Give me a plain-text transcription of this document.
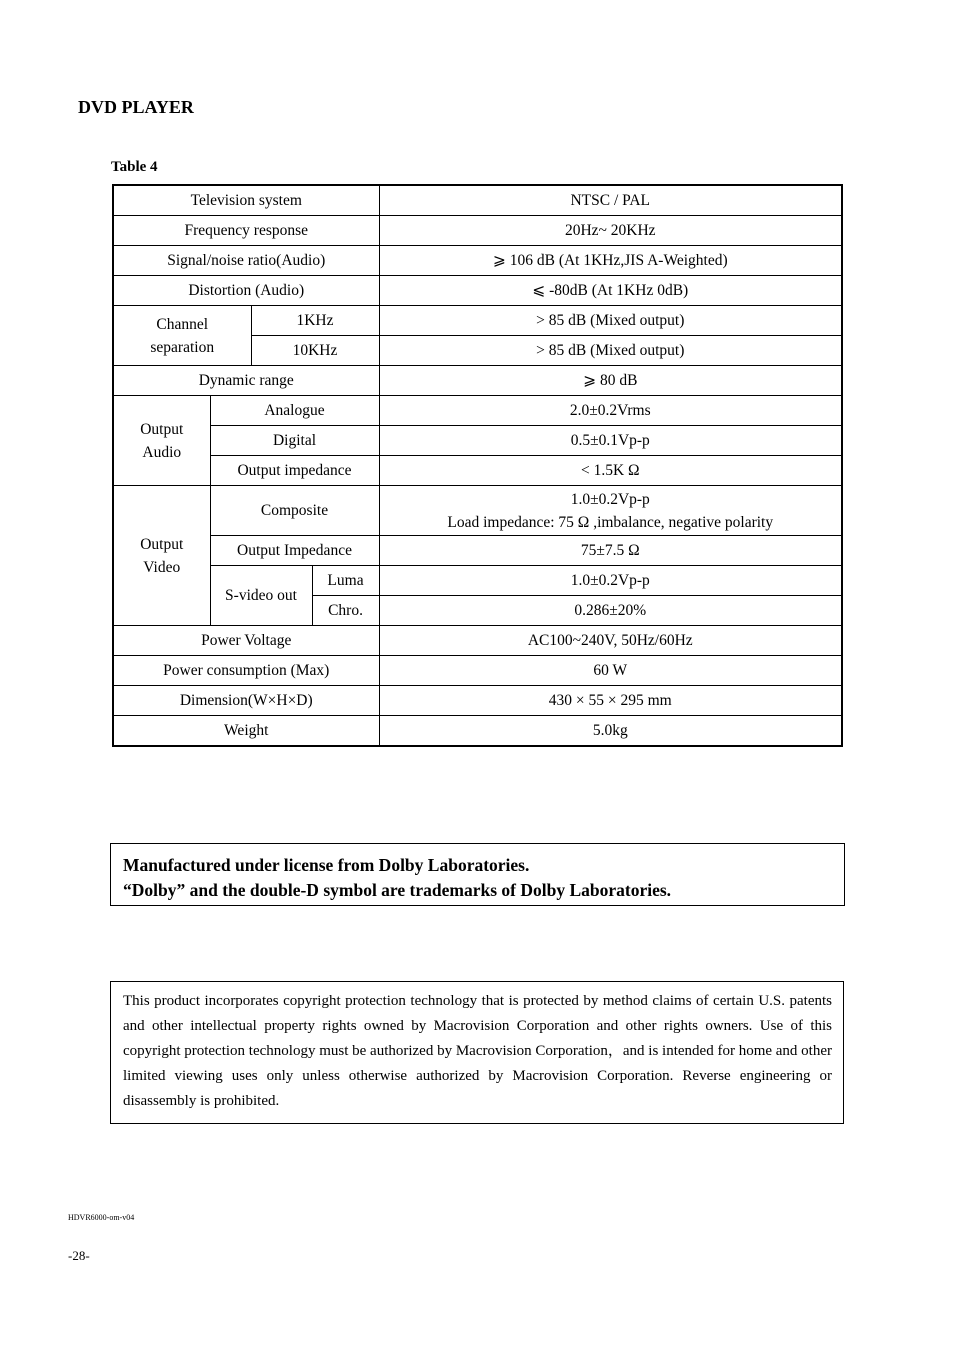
DVD PLAYER
Table 4
Television system				NTSC / PAL
Frequency response				20Hz~ 20KHz
Signal/noise ratio(Audio)				⩾ 106 dB (At 1KHz,JIS A-Weighted)
Distortion (Audio)				⩽ -80dB (At 1KHz 0dB)
Channel
separation		1KHz		> 85 dB (Mixed output)
		10KHz		> 85 dB (Mixed output)
Dynamic range				⩾ 80 dB
Output
Audio	Analogue			2.0±0.2Vrms
	Digital			0.5±0.1Vp-p
	Output impedance			< 1.5K Ω
Output
Video	Composite			1.0±0.2Vp-p
Load impedance: 75 Ω ,imbalance, negative polarity
	Output Impedance			75±7.5 Ω
	S-video out		Luma	1.0±0.2Vp-p
			Chro.	0.286±20%
Power Voltage				AC100~240V, 50Hz/60Hz
Power consumption (Max)				60 W
Dimension(W×H×D)				430 × 55 × 295 mm
Weight				5.0kg
Manufactured under license from Dolby Laboratories.
“Dolby” and the double-D symbol are trademarks of Dolby Laboratories.
This product incorporates copyright protection technology that is protected by method claims of certain U.S. patents and other intellectual property rights owned by Macrovision Corporation and other rights owners. Use of this copyright protection technology must be authorized by Macrovision Corporation，and is intended for home and other limited viewing uses only unless otherwise authorized by Macrovision Corporation. Reverse engineering or disassembly is prohibited.
HDVR6000-om-v04
-28-
